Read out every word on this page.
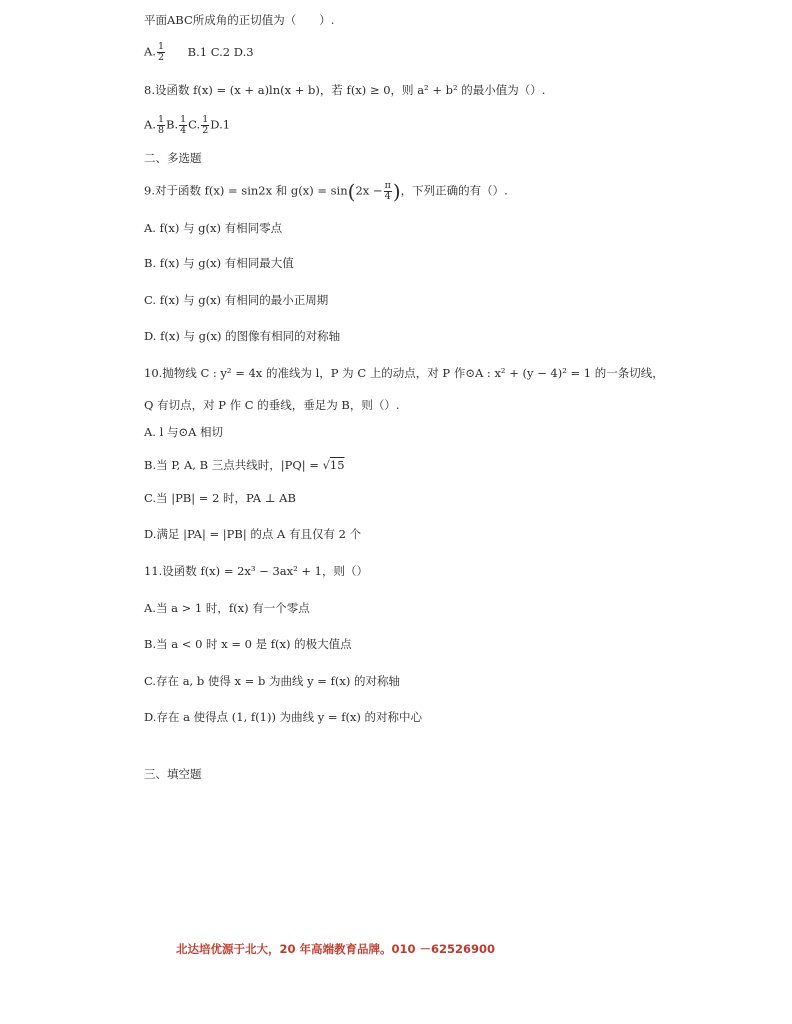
平面ABC所成角的正切值为（　　）.
A. $\frac{1}{2} B.1$ C.2 D.3
8.设函数 f(x) = (x + a)ln(x + b)，若 f(x) ≥ 0，则 a² + b² 的最小值为（）.
A. $\frac{1}{8} B$. $\frac{1}{4} C$. $\frac{1}{2} D.1$
二、多选题
9.对于函数 f(x) = sin2x 和 $g(x) = \sin(2x - \frac{\pi}{4}$ )，下列正确的有（）.
A. f(x) 与 g(x) 有相同零点
B. f(x) 与 g(x) 有相同最大值
C. f(x) 与 g(x) 有相同的最小正周期
D. f(x) 与 g(x) 的图像有相同的对称轴
10.抛物线 C : y² = 4x 的准线为 l，P 为 C 上的动点，对 P 作⊙A : x² + (y − 4)² = 1 的一条切线，
Q 有切点，对 P 作 C 的垂线，垂足为 B，则（）.
A. l 与⊙A 相切
B.当 P, A, B 三点共线时，|PQ| = √15
C.当 |PB| = 2 时，PA ⊥ AB
D.满足 |PA| = |PB| 的点 A 有且仅有 2 个
11.设函数 f(x) = 2x³ − 3ax² + 1，则（）
A.当 a > 1 时，f(x) 有一个零点
B.当 a < 0 时 x = 0 是 f(x) 的极大值点
C.存在 a, b 使得 x = b 为曲线 y = f(x) 的对称轴
D.存在 a 使得点 (1, f(1)) 为曲线 y = f(x) 的对称中心
三、填空题
北达培优源于北大，20 年高端教育品牌。010 －62526900
